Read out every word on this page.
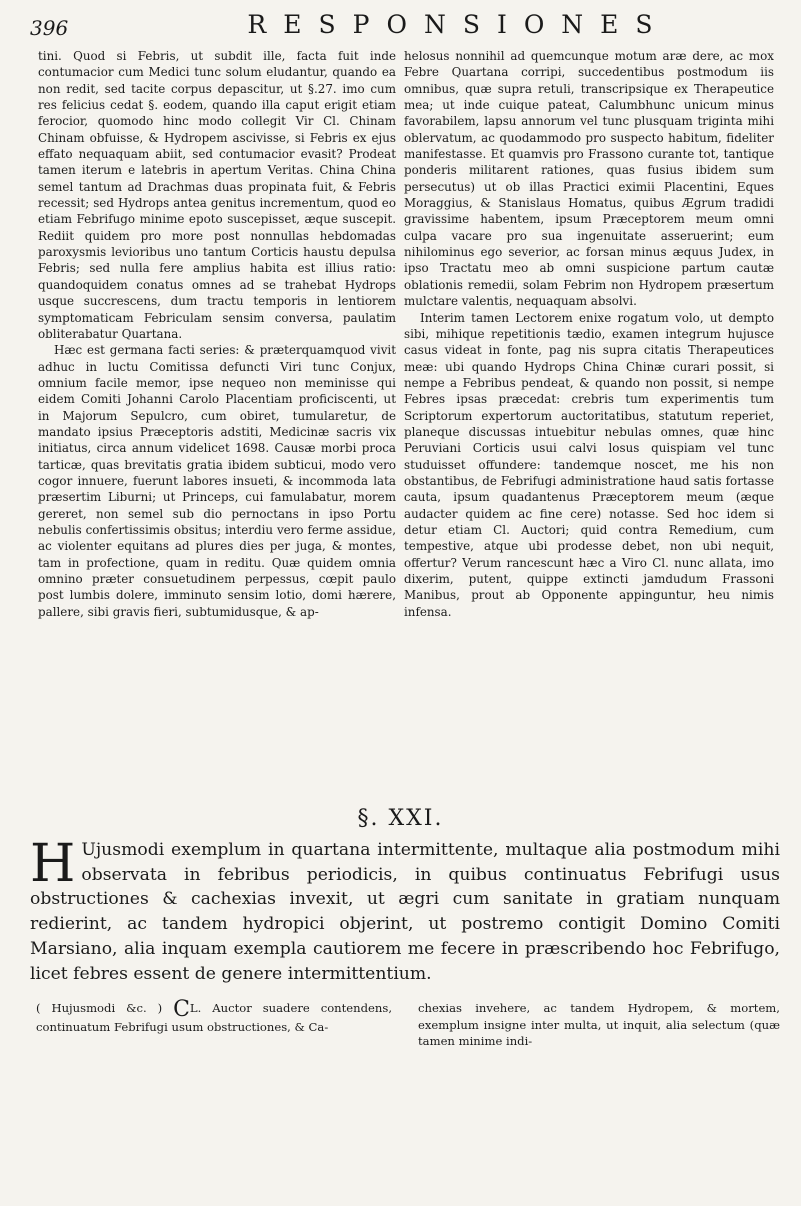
396	RESPONSIONES

tini. Quod si Febris, ut subdit ille, facta fuit inde contumacior cum Medici tunc solum eludantur, quando ea non redit, sed tacite corpus depascitur, ut §.27. imo cum res felicius cedat §. eodem, quando illa caput erigit etiam ferocior, quomodo hinc modo collegit Vir Cl. Chinam Chinam obfuisse, & Hydropem ascivisse, si Febris ex ejus effato nequaquam abiit, sed contumacior evasit? Prodeat tamen iterum e latebris in apertum Veritas. China China semel tantum ad Drachmas duas propinata fuit, & Febris recessit; sed Hydrops antea genitus incrementum, quod eo etiam Febrifugo minime epoto suscepisset, æque suscepit. Rediit quidem pro more post nonnullas hebdomadas paroxysmis levioribus uno tantum Corticis haustu depulsa Febris; sed nulla fere amplius habita est illius ratio: quandoquidem conatus omnes ad se trahebat Hydrops usque succrescens, dum tractu temporis in lentiorem symptomaticam Febriculam sensim conversa, paulatim obliterabatur Quartana.

Hæc est germana facti series: & præterquamquod vivit adhuc in luctu Comitissa defuncti Viri tunc Conjux, omnium facile memor, ipse nequeo non meminisse qui eidem Comiti Johanni Carolo Placentiam proficiscenti, ut in Majorum Sepulcro, cum obiret, tumularetur, de mandato ipsius Præceptoris adstiti, Medicinæ sacris vix initiatus, circa annum videlicet 1698. Causæ morbi proca tarticæ, quas brevitatis gratia ibidem subticui, modo vero cogor innuere, fuerunt labores insueti, & incommoda lata præsertim Liburni; ut Princeps, cui famulabatur, morem gereret, non semel sub dio pernoctans in ipso Portu nebulis confertissimis obsitus; interdiu vero ferme assidue, ac violenter equitans ad plures dies per juga, & montes, tam in profectione, quam in reditu. Quæ quidem omnia omnino præter consuetudinem perpessus, cœpit paulo post lumbis dolere, imminuto sensim lotio, domi hærere, pallere, sibi gravis fieri, subtumidusque, & ap-

helosus nonnihil ad quemcunque motum aræ dere, ac mox Febre Quartana corripi, succedentibus postmodum iis omnibus, quæ supra retuli, transcripsique ex Therapeutice mea; ut inde cuique pateat, Calumbhunc unicum minus favorabilem, lapsu annorum vel tunc plusquam triginta mihi oblervatum, ac quodammodo pro suspecto habitum, fideliter manifestasse. Et quamvis pro Frassono curante tot, tantique ponderis militarent rationes, quas fusius ibidem sum persecutus) ut ob illas Practici eximii Placentini, Eques Moraggius, & Stanislaus Homatus, quibus Ægrum tradidi gravissime habentem, ipsum Præceptorem meum omni culpa vacare pro sua ingenuitate asseruerint; eum nihilominus ego severior, ac forsan minus æquus Judex, in ipso Tractatu meo ab omni suspicione partum cautæ oblationis remedii, solam Febrim non Hydropem præsertum mulctare valentis, nequaquam absolvi.

Interim tamen Lectorem enixe rogatum volo, ut dempto sibi, mihique repetitionis tædio, examen integrum hujusce casus videat in fonte, pag nis supra citatis Therapeutices meæ: ubi quando Hydrops China Chinæ curari possit, si nempe a Febribus pendeat, & quando non possit, si nempe Febres ipsas præcedat: crebris tum experimentis tum Scriptorum expertorum auctoritatibus, statutum reperiet, planeque discussas intuebitur nebulas omnes, quæ hinc Peruviani Corticis usui calvi losus quispiam vel tunc studuisset offundere: tandemque noscet, me his non obstantibus, de Febrifugi administratione haud satis fortasse cauta, ipsum quadantenus Præceptorem meum (æque audacter quidem ac fine cere) notasse. Sed hoc idem si detur etiam Cl. Auctori; quid contra Remedium, cum tempestive, atque ubi prodesse debet, non ubi nequit, offertur? Verum rancescunt hæc a Viro Cl. nunc allata, imo dixerim, putent, quippe extincti jamdudum Frassoni Manibus, prout ab Opponente appinguntur, heu nimis infensa.

§. XXI.
H Ujusmodi exemplum in quartana intermittente, multaque alia postmodum mihi observata in febribus periodicis, in quibus continuatus Febrifugi usus obstructiones & cachexias invexit, ut ægri cum sanitate in gratiam nunquam redierint, ac tandem hydropici objerint, ut postremo contigit Domino Comiti Marsiano, alia inquam exempla cautiorem me fecere in præscribendo hoc Febrifugo, licet febres essent de genere intermittentium.
( Hujusmodi &c. ) CL. Auctor suadere contendens, continuatum Febrifugi usum obstructiones, & Ca-
chexias invehere, ac tandem Hydropem, & mortem, exemplum insigne inter multa, ut inquit, alia selectum (quæ tamen minime indi-
